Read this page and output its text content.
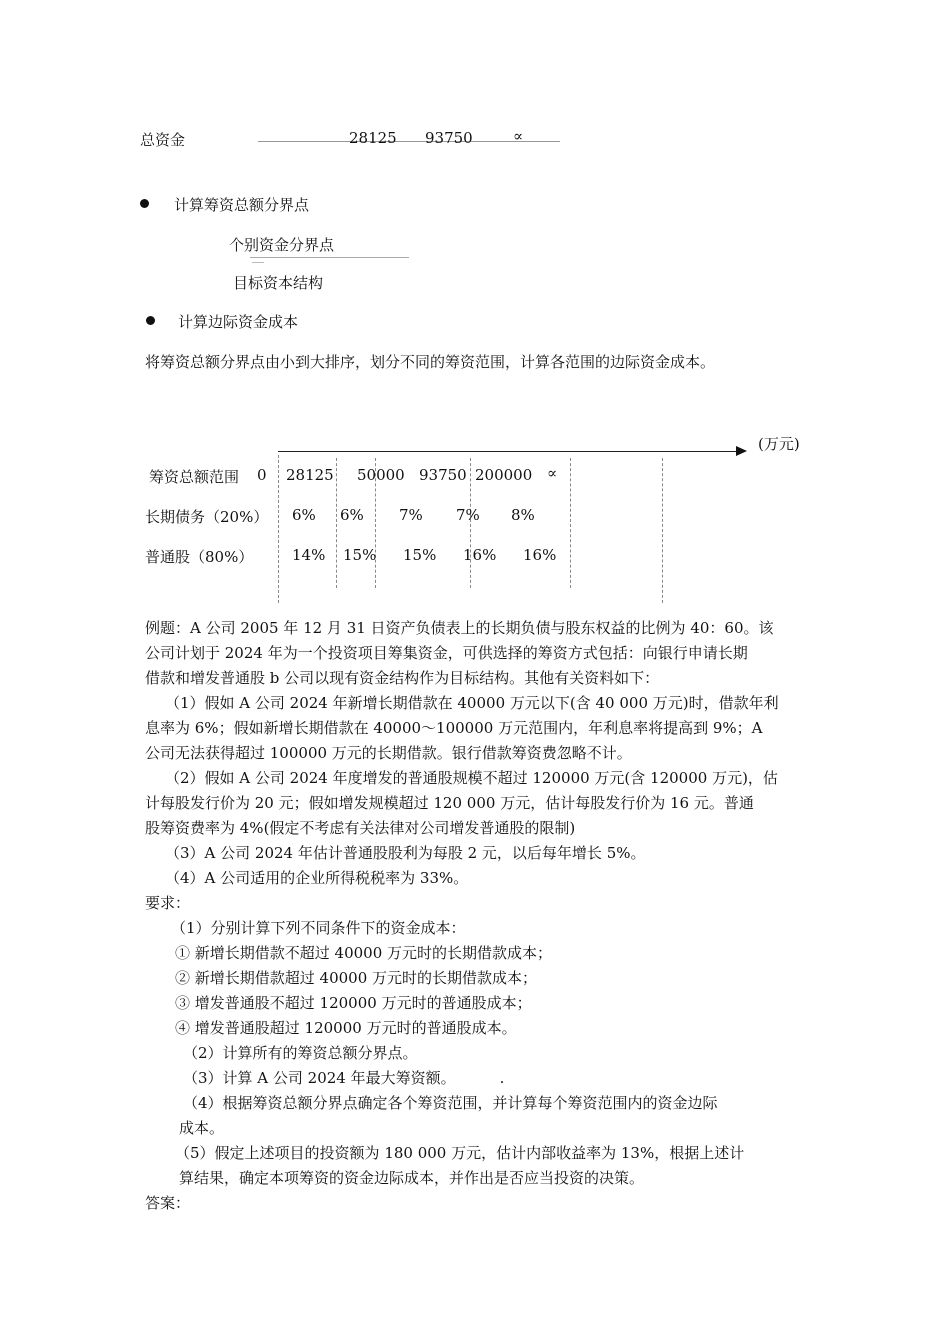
总资金	28125 93750	∝
计算筹资总额分界点
个别资金分界点
目标资本结构
计算边际资金成本
将筹资总额分界点由小到大排序，划分不同的筹资范围，计算各范围的边际资金成本。
(万元)
筹资总额范围 0 28125 50000 93750 200000 ∝
长期债务（20%） 6% 6% 7% 7% 8%
普通股（80%）	14% 15% 15% 16% 16%

例题：A 公司 2005 年 12 月 31 日资产负债表上的长期负债与股东权益的比例为 40：60。该

公司计划于 2024 年为一个投资项目筹集资金，可供选择的筹资方式包括：向银行申请长期

借款和增发普通股 b 公司以现有资金结构作为目标结构。其他有关资料如下：

（1）假如 A 公司 2024 年新增长期借款在 40000 万元以下(含 40 000 万元)时，借款年利

息率为 6%；假如新增长期借款在 40000～100000 万元范围内，年利息率将提高到 9%；A

公司无法获得超过 100000 万元的长期借款。银行借款筹资费忽略不计。

（2）假如 A 公司 2024 年度增发的普通股规模不超过 120000 万元(含 120000 万元)，估

计每股发行价为 20 元；假如增发规模超过 120 000 万元，估计每股发行价为 16 元。普通

股筹资费率为 4%(假定不考虑有关法律对公司增发普通股的限制)

（3）A 公司 2024 年估计普通股股利为每股 2 元，以后每年增长 5%。

（4）A 公司适用的企业所得税税率为 33%。

要求：

（1）分别计算下列不同条件下的资金成本：

① 新增长期借款不超过 40000 万元时的长期借款成本；

② 新增长期借款超过 40000 万元时的长期借款成本；

③ 增发普通股不超过 120000 万元时的普通股成本；

④ 增发普通股超过 120000 万元时的普通股成本。

（2）计算所有的筹资总额分界点。

（3）计算 A 公司 2024 年最大筹资额。	.

（4）根据筹资总额分界点确定各个筹资范围，并计算每个筹资范围内的资金边际

成本。

（5）假定上述项目的投资额为 180 000 万元，估计内部收益率为 13%，根据上述计

算结果，确定本项筹资的资金边际成本，并作出是否应当投资的决策。

答案：
